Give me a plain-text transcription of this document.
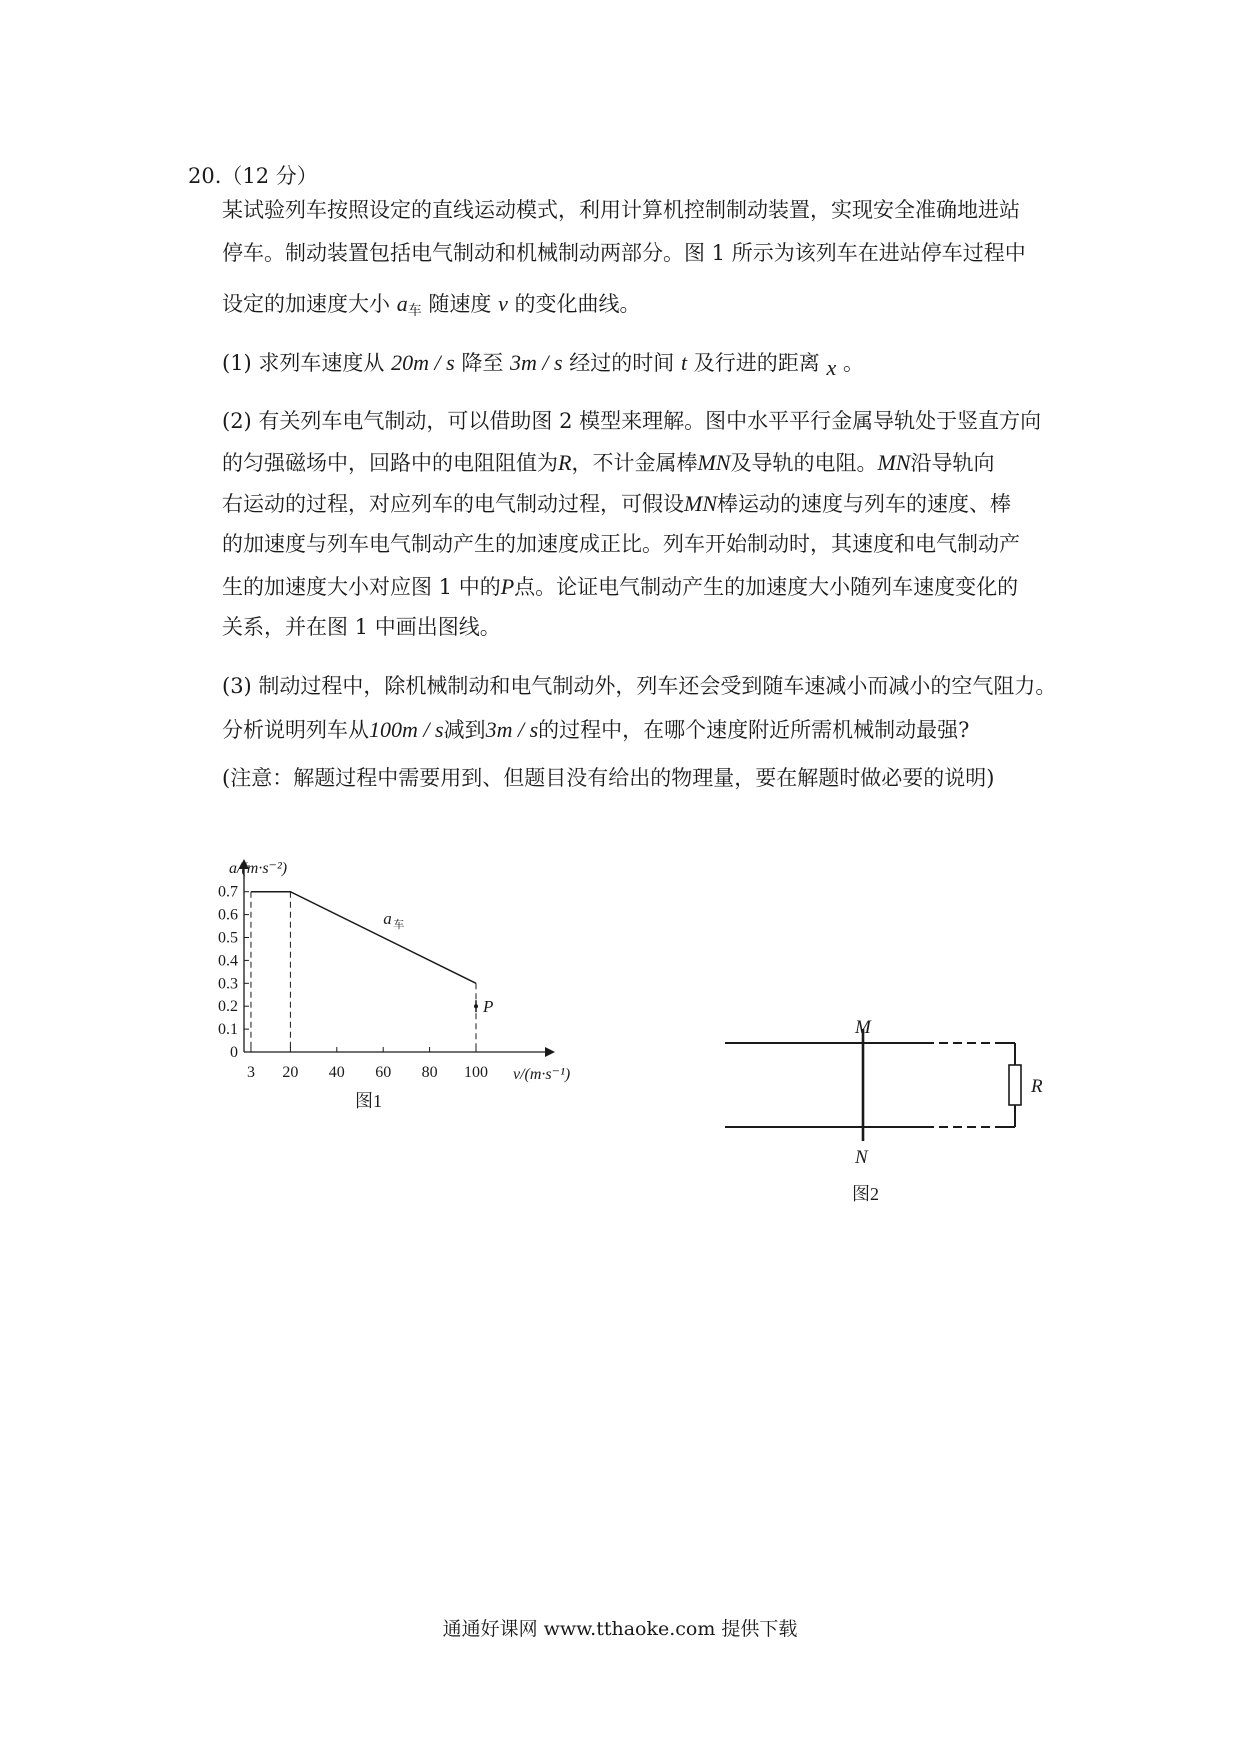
20.（12 分）
某试验列车按照设定的直线运动模式，利用计算机控制制动装置，实现安全准确地进站
停车。制动装置包括电气制动和机械制动两部分。图 1 所示为该列车在进站停车过程中
设定的加速度大小 $a_车$ 随速度 v 的变化曲线。
(1) 求列车速度从 20m / s 降至 3m / s 经过的时间 t 及行进的距离 x 。
(2) 有关列车电气制动，可以借助图 2 模型来理解。图中水平平行金属导轨处于竖直方向
的匀强磁场中，回路中的电阻阻值为R，不计金属棒MN及导轨的电阻。MN沿导轨向
右运动的过程，对应列车的电气制动过程，可假设MN棒运动的速度与列车的速度、棒
的加速度与列车电气制动产生的加速度成正比。列车开始制动时，其速度和电气制动产
生的加速度大小对应图 1 中的P点。论证电气制动产生的加速度大小随列车速度变化的
关系，并在图 1 中画出图线。
(3) 制动过程中，除机械制动和电气制动外，列车还会受到随车速减小而减小的空气阻力。
分析说明列车从100m / s减到3m / s的过程中，在哪个速度附近所需机械制动最强?
(注意：解题过程中需要用到、但题目没有给出的物理量，要在解题时做必要的说明)
0
0.1
0.2
0.3
0.4
0.5
0.6
0.7
3 20 40 60 80 100
a 车
P
a/(m·s⁻²)
v/(m·s⁻¹)
图1
M
N
R
图2
通通好课网 www.tthaoke.com 提供下载
